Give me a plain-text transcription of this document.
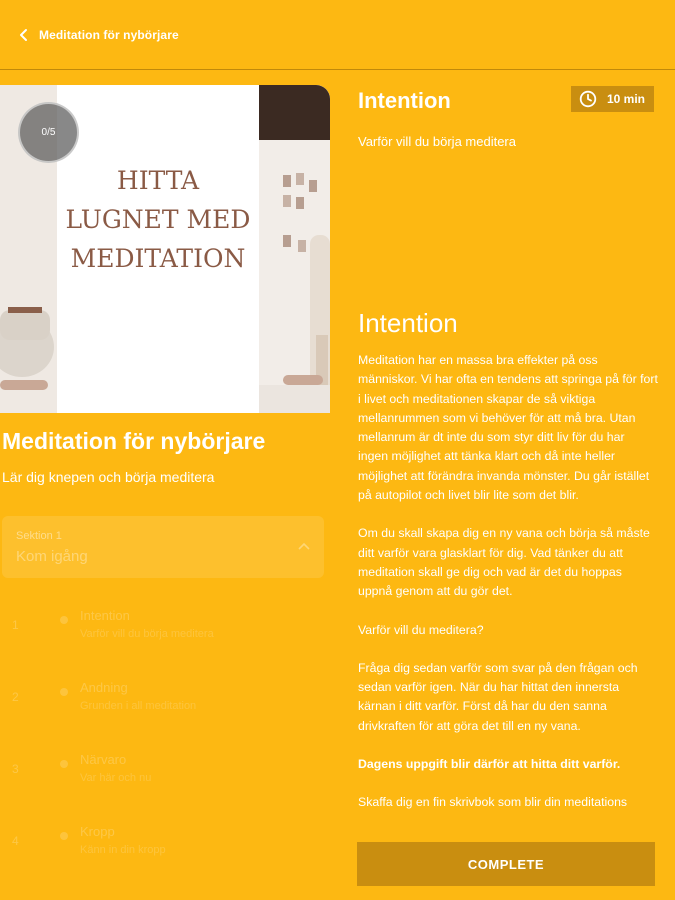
Meditation för nybörjare
HITTA
LUGNET MED
MEDITATION
0/5
Meditation för nybörjare
Lär dig knepen och börja meditera
Sektion 1
Kom igång
1
Intention
Varför vill du börja meditera
2
Andning
Grunden i all meditation
3
Närvaro
Var här och nu
4
Kropp
Känn in din kropp
Intention	10 min
Varför vill du börja meditera
Intention

Meditation har en massa bra effekter på oss människor. Vi har ofta en tendens att springa på för fort i livet och meditationen skapar de så viktiga mellanrummen som vi behöver för att må bra. Utan mellanrum är dt inte du som styr ditt liv för du har ingen möjlighet att tänka klart och då inte heller möjlighet att förändra invanda mönster. Du går istället på autopilot och livet blir lite som det blir.

Om du skall skapa dig en ny vana och börja så måste ditt varför vara glasklart för dig. Vad tänker du att meditation skall ge dig och vad är det du hoppas uppnå genom att du gör det.

Varför vill du meditera?

Fråga dig sedan varför som svar på den frågan och sedan varför igen. När du har hittat den innersta kärnan i ditt varför. Först då har du den sanna drivkraften för att göra det till en ny vana.

Dagens uppgift blir därför att hitta ditt varför.

Skaffa dig en fin skrivbok som blir din meditations

COMPLETE
